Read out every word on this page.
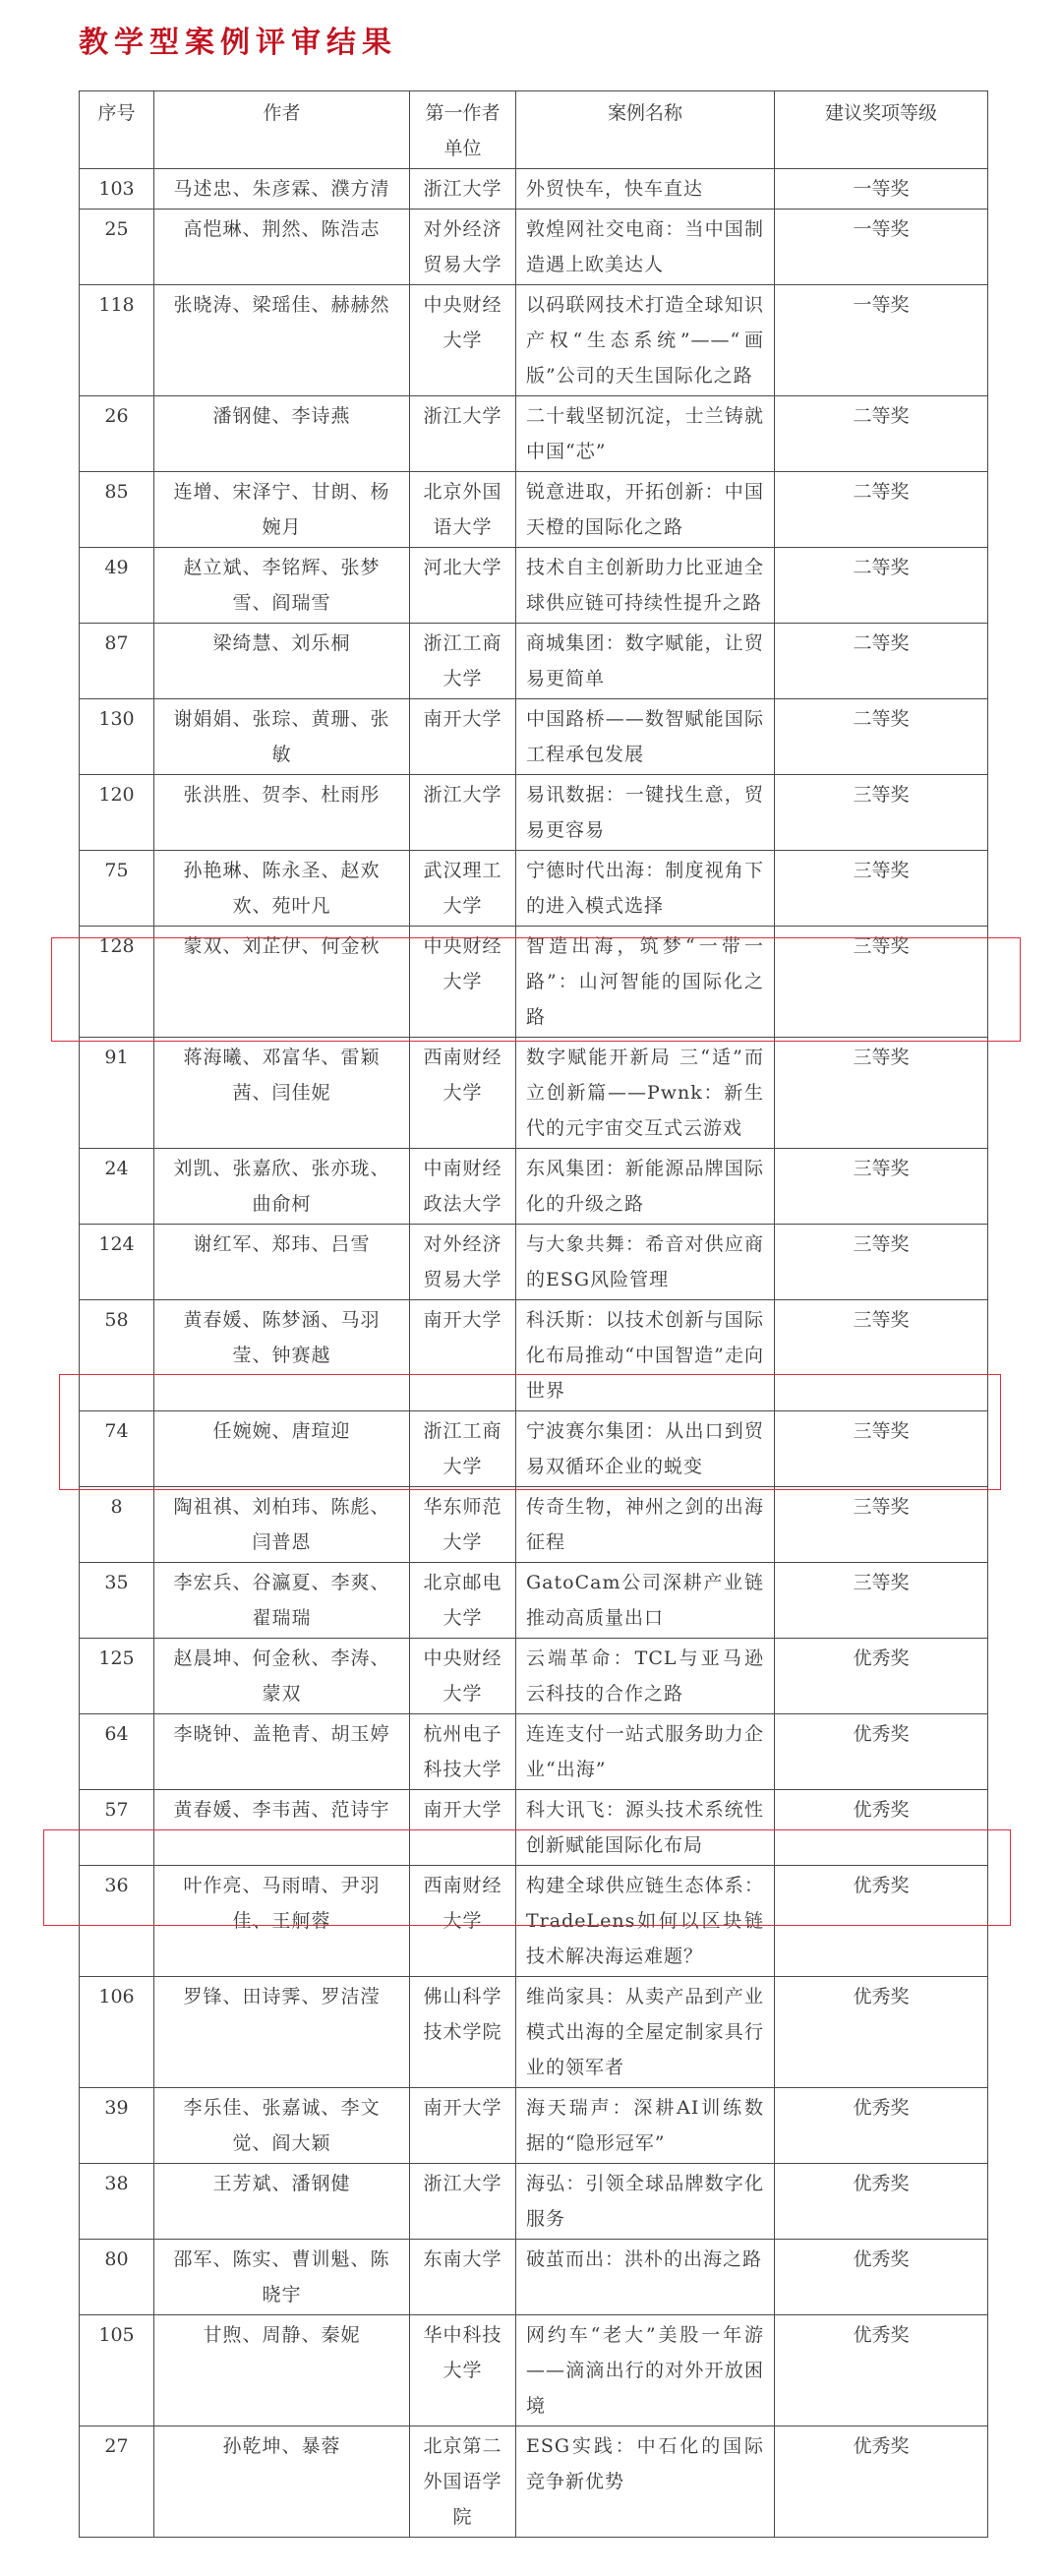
教学型案例评审结果
序号	作者	第一作者单位	案例名称	建议奖项等级
103	马述忠、朱彦霖、濮方清	浙江大学	外贸快车，快车直达	一等奖
25	高恺琳、荆然、陈浩志	对外经济贸易大学	敦煌网社交电商：当中国制造遇上欧美达人	一等奖
118	张晓涛、梁瑶佳、赫赫然	中央财经大学	以码联网技术打造全球知识产权“生态系统”——“画版”公司的天生国际化之路	一等奖
26	潘钢健、李诗燕	浙江大学	二十载坚韧沉淀，士兰铸就中国“芯”	二等奖
85	连增、宋泽宁、甘朗、杨婉月	北京外国语大学	锐意进取，开拓创新：中国天橙的国际化之路	二等奖
49	赵立斌、李铭辉、张梦雪、阎瑞雪	河北大学	技术自主创新助力比亚迪全球供应链可持续性提升之路	二等奖
87	梁绮慧、刘乐桐	浙江工商大学	商城集团：数字赋能，让贸易更简单	二等奖
130	谢娟娟、张琮、黄珊、张敏	南开大学	中国路桥——数智赋能国际工程承包发展	二等奖
120	张洪胜、贺李、杜雨彤	浙江大学	易讯数据：一键找生意，贸易更容易	三等奖
75	孙艳琳、陈永圣、赵欢欢、苑叶凡	武汉理工大学	宁德时代出海：制度视角下的进入模式选择	三等奖
128	蒙双、刘芷伊、何金秋	中央财经大学	智造出海，筑梦“一带一路”：山河智能的国际化之路	三等奖
91	蒋海曦、邓富华、雷颖茜、闫佳妮	西南财经大学	数字赋能开新局 三“适”而立创新篇——Pwnk：新生代的元宇宙交互式云游戏	三等奖
24	刘凯、张嘉欣、张亦珑、曲俞柯	中南财经政法大学	东风集团：新能源品牌国际化的升级之路	三等奖
124	谢红军、郑玮、吕雪	对外经济贸易大学	与大象共舞：希音对供应商的ESG风险管理	三等奖
58	黄春媛、陈梦涵、马羽莹、钟赛越	南开大学	科沃斯：以技术创新与国际化布局推动“中国智造”走向世界	三等奖
74	任婉婉、唐瑄迎	浙江工商大学	宁波赛尔集团：从出口到贸易双循环企业的蜕变	三等奖
8	陶祖祺、刘柏玮、陈彪、闫普恩	华东师范大学	传奇生物，神州之剑的出海征程	三等奖
35	李宏兵、谷瀛夏、李爽、翟瑞瑞	北京邮电大学	GatoCam公司深耕产业链推动高质量出口	三等奖
125	赵晨坤、何金秋、李涛、蒙双	中央财经大学	云端革命：TCL与亚马逊云科技的合作之路	优秀奖
64	李晓钟、盖艳青、胡玉婷	杭州电子科技大学	连连支付一站式服务助力企业“出海”	优秀奖
57	黄春媛、李韦茜、范诗宇	南开大学	科大讯飞：源头技术系统性创新赋能国际化布局	优秀奖
36	叶作亮、马雨晴、尹羽佳、王舸蓉	西南财经大学	构建全球供应链生态体系：TradeLens如何以区块链技术解决海运难题？	优秀奖
106	罗锋、田诗霁、罗洁滢	佛山科学技术学院	维尚家具：从卖产品到产业模式出海的全屋定制家具行业的领军者	优秀奖
39	李乐佳、张嘉诚、李文觉、阎大颖	南开大学	海天瑞声：深耕AI训练数据的“隐形冠军”	优秀奖
38	王芳斌、潘钢健	浙江大学	海弘：引领全球品牌数字化服务	优秀奖
80	邵军、陈实、曹训魁、陈晓宇	东南大学	破茧而出：洪朴的出海之路	优秀奖
105	甘煦、周静、秦妮	华中科技大学	网约车“老大”美股一年游——滴滴出行的对外开放困境	优秀奖
27	孙乾坤、暴蓉	北京第二外国语学院	ESG实践：中石化的国际竞争新优势	优秀奖
